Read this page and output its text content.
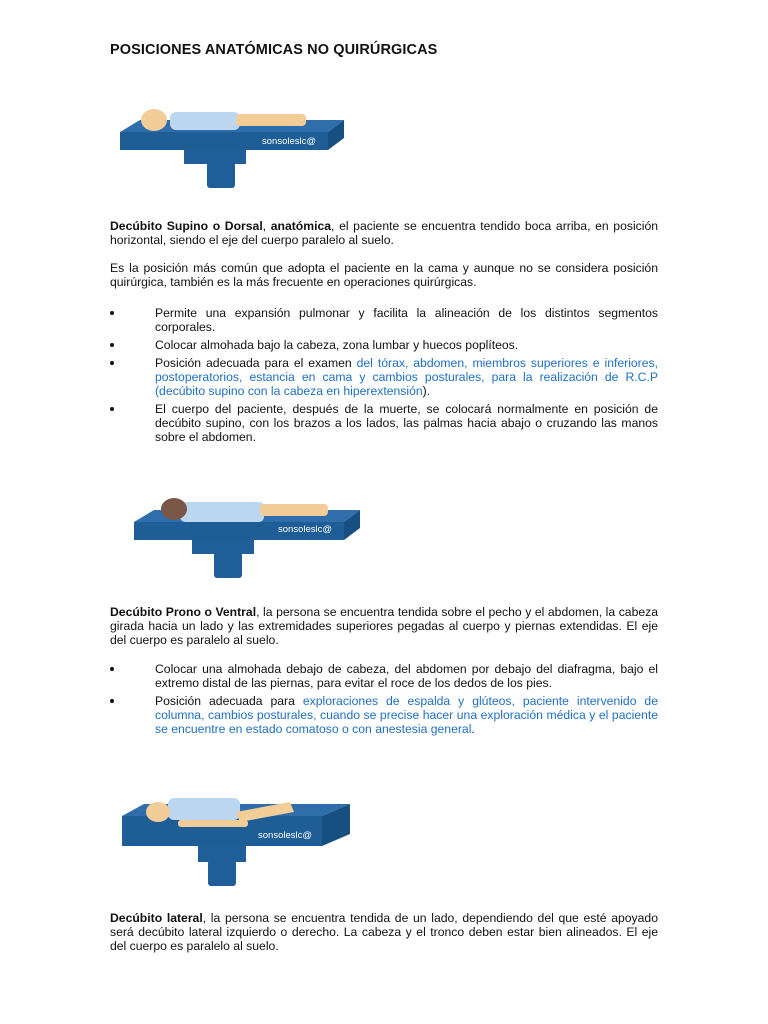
POSICIONES ANATÓMICAS NO QUIRÚRGICAS
sonsoleslc@

Decúbito Supino o Dorsal, anatómica, el paciente se encuentra tendido boca arriba, en posición horizontal, siendo el eje del cuerpo paralelo al suelo.

Es la posición más común que adopta el paciente en la cama y aunque no se considera posición quirúrgica, también es la más frecuente en operaciones quirúrgicas.

Permite una expansión pulmonar y facilita la alineación de los distintos segmentos corporales.
Colocar almohada bajo la cabeza, zona lumbar y huecos poplíteos.
Posición adecuada para el examen del tórax, abdomen, miembros superiores e inferiores, postoperatorios, estancia en cama y cambios posturales, para la realización de R.C.P (decúbito supino con la cabeza en hiperextensión).
El cuerpo del paciente, después de la muerte, se colocará normalmente en posición de decúbito supino, con los brazos a los lados, las palmas hacia abajo o cruzando las manos sobre el abdomen.
sonsoleslc@

Decúbito Prono o Ventral, la persona se encuentra tendida sobre el pecho y el abdomen, la cabeza girada hacia un lado y las extremidades superiores pegadas al cuerpo y piernas extendidas. El eje del cuerpo es paralelo al suelo.

Colocar una almohada debajo de cabeza, del abdomen por debajo del diafragma, bajo el extremo distal de las piernas, para evitar el roce de los dedos de los pies.
Posición adecuada para exploraciones de espalda y glúteos, paciente intervenido de columna, cambios posturales, cuando se precise hacer una exploración médica y el paciente se encuentre en estado comatoso o con anestesia general.
sonsoleslc@

Decúbito lateral, la persona se encuentra tendida de un lado, dependiendo del que esté apoyado será decúbito lateral izquierdo o derecho. La cabeza y el tronco deben estar bien alineados. El eje del cuerpo es paralelo al suelo.
